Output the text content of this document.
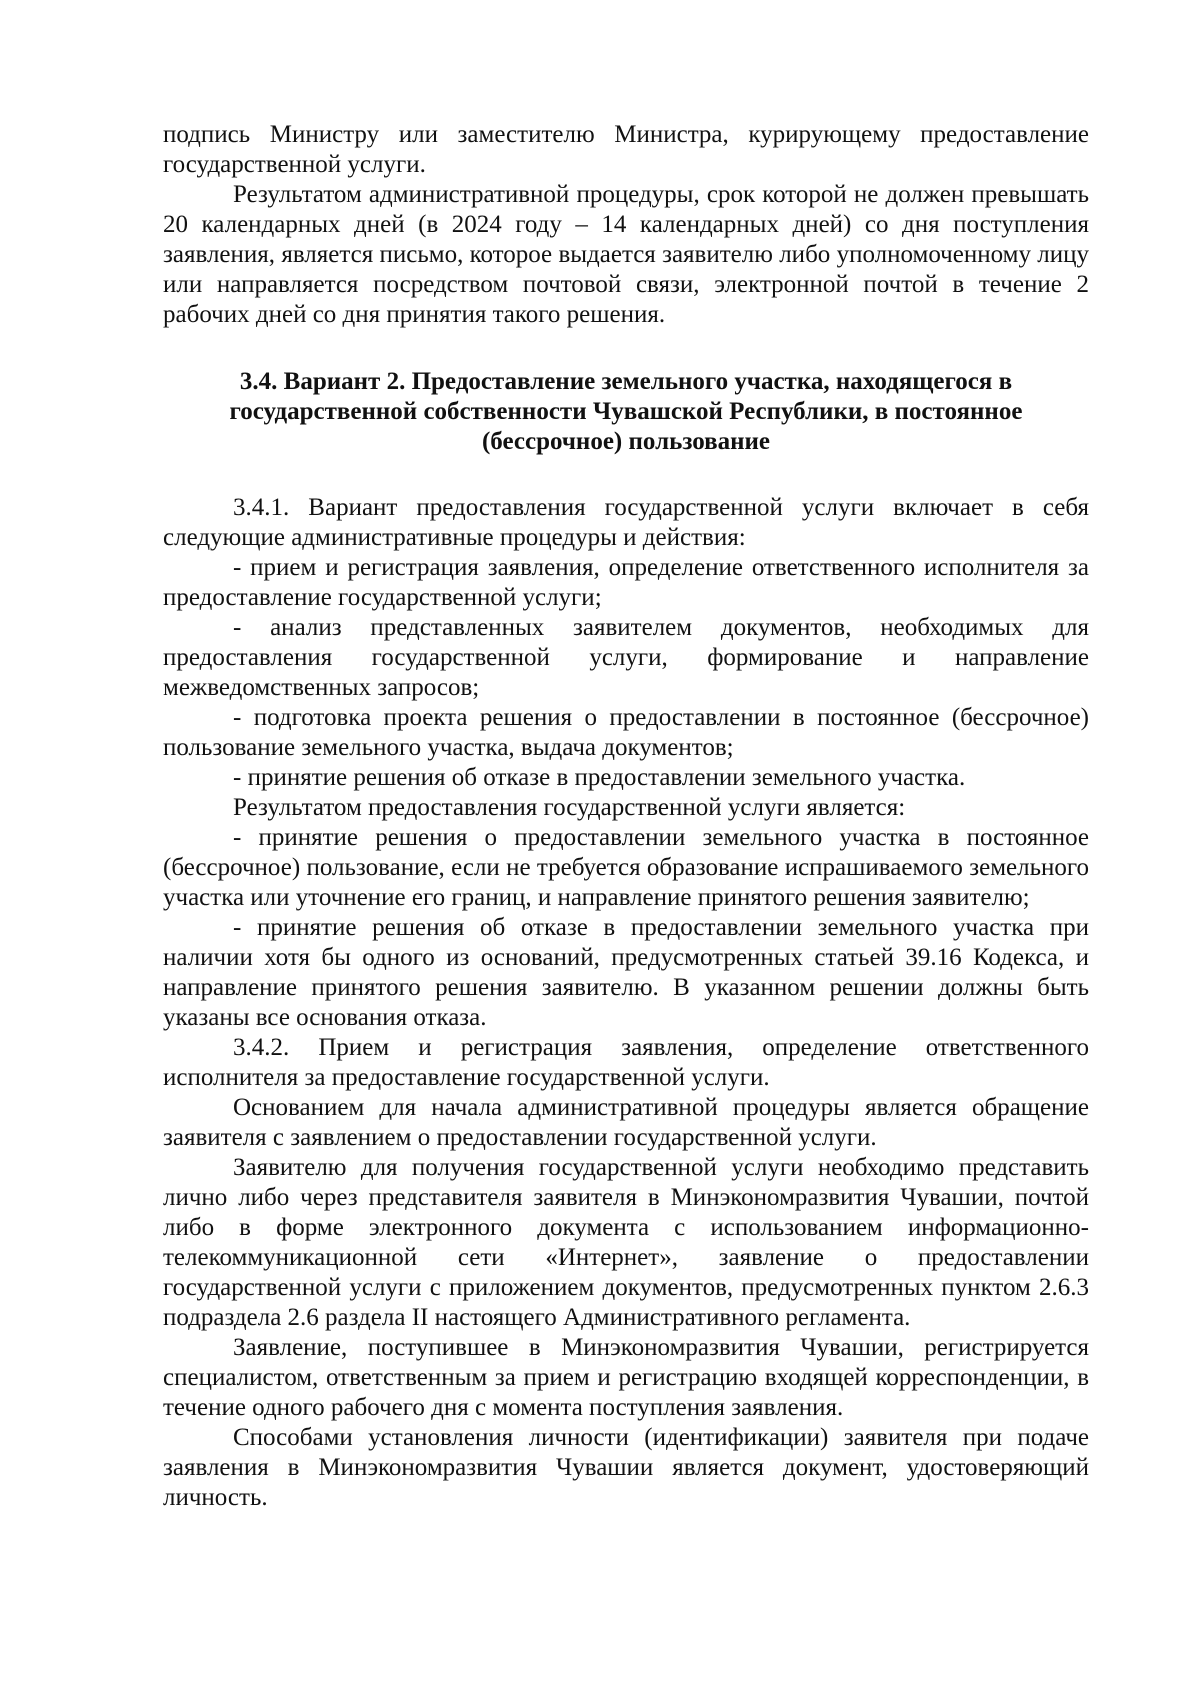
подпись Министру или заместителю Министра, курирующему предоставление государственной услуги.

Результатом административной процедуры, срок которой не должен превышать 20 календарных дней (в 2024 году – 14 календарных дней) со дня поступления заявления, является письмо, которое выдается заявителю либо уполномоченному лицу или направляется посредством почтовой связи, электронной почтой в течение 2 рабочих дней со дня принятия такого решения.

3.4. Вариант 2. Предоставление земельного участка, находящегося в государственной собственности Чувашской Республики, в постоянное (бессрочное) пользование

3.4.1. Вариант предоставления государственной услуги включает в себя следующие административные процедуры и действия:

- прием и регистрация заявления, определение ответственного исполнителя за предоставление государственной услуги;

- анализ представленных заявителем документов, необходимых для предоставления государственной услуги, формирование и направление межведомственных запросов;

- подготовка проекта решения о предоставлении в постоянное (бессрочное) пользование земельного участка, выдача документов;

- принятие решения об отказе в предоставлении земельного участка.

Результатом предоставления государственной услуги является:

- принятие решения о предоставлении земельного участка в постоянное (бессрочное) пользование, если не требуется образование испрашиваемого земельного участка или уточнение его границ, и направление принятого решения заявителю;

- принятие решения об отказе в предоставлении земельного участка при наличии хотя бы одного из оснований, предусмотренных статьей 39.16 Кодекса, и направление принятого решения заявителю. В указанном решении должны быть указаны все основания отказа.

3.4.2. Прием и регистрация заявления, определение ответственного исполнителя за предоставление государственной услуги.

Основанием для начала административной процедуры является обращение заявителя с заявлением о предоставлении государственной услуги.

Заявителю для получения государственной услуги необходимо представить лично либо через представителя заявителя в Минэкономразвития Чувашии, почтой либо в форме электронного документа с использованием информационно-телекоммуникационной сети «Интернет», заявление о предоставлении государственной услуги с приложением документов, предусмотренных пунктом 2.6.3 подраздела 2.6 раздела II настоящего Административного регламента.

Заявление, поступившее в Минэкономразвития Чувашии, регистрируется специалистом, ответственным за прием и регистрацию входящей корреспонденции, в течение одного рабочего дня с момента поступления заявления.

Способами установления личности (идентификации) заявителя при подаче заявления в Минэкономразвития Чувашии является документ, удостоверяющий личность.
